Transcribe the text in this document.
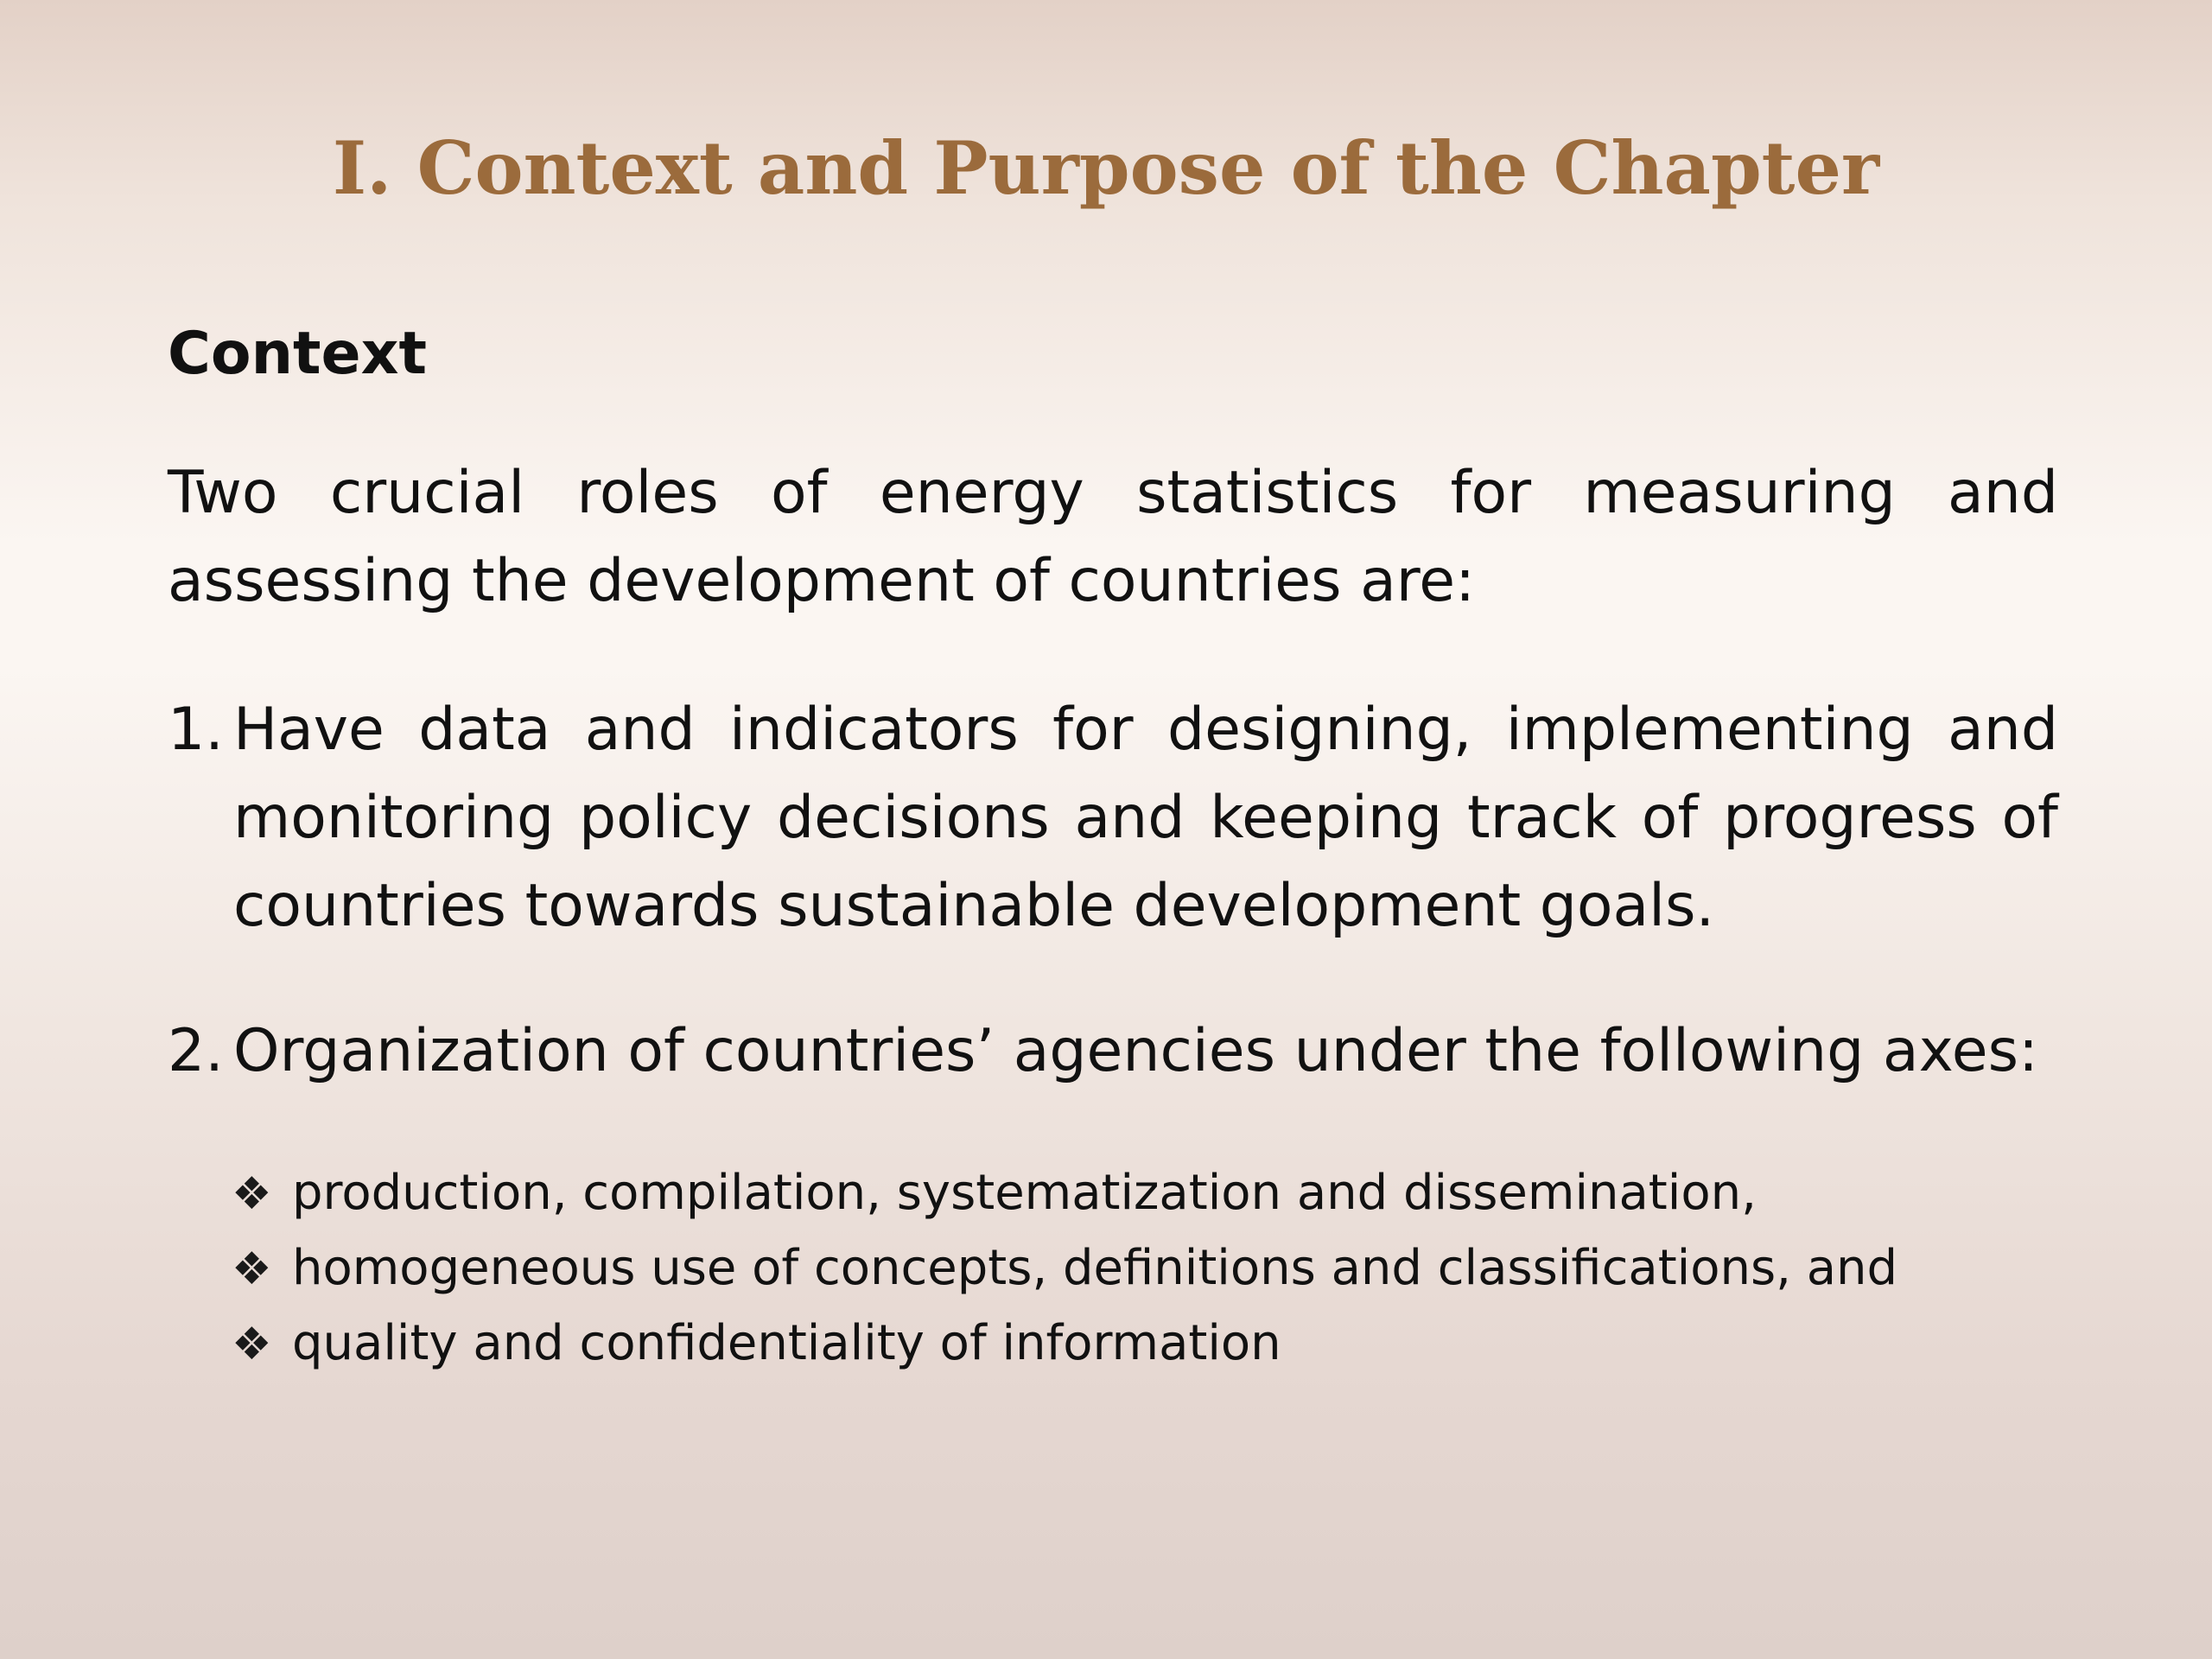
I. Context and Purpose of the Chapter
Context

Two crucial roles of energy statistics for measuring and assessing the development of countries are:

1. Have data and indicators for designing, implementing and monitoring policy decisions and keeping track of progress of countries towards sustainable development goals.
2. Organization of countries’ agencies under the following axes:
❖ production, compilation, systematization and dissemination,
❖ homogeneous use of concepts, definitions and classifications, and
❖ quality and confidentiality of information
